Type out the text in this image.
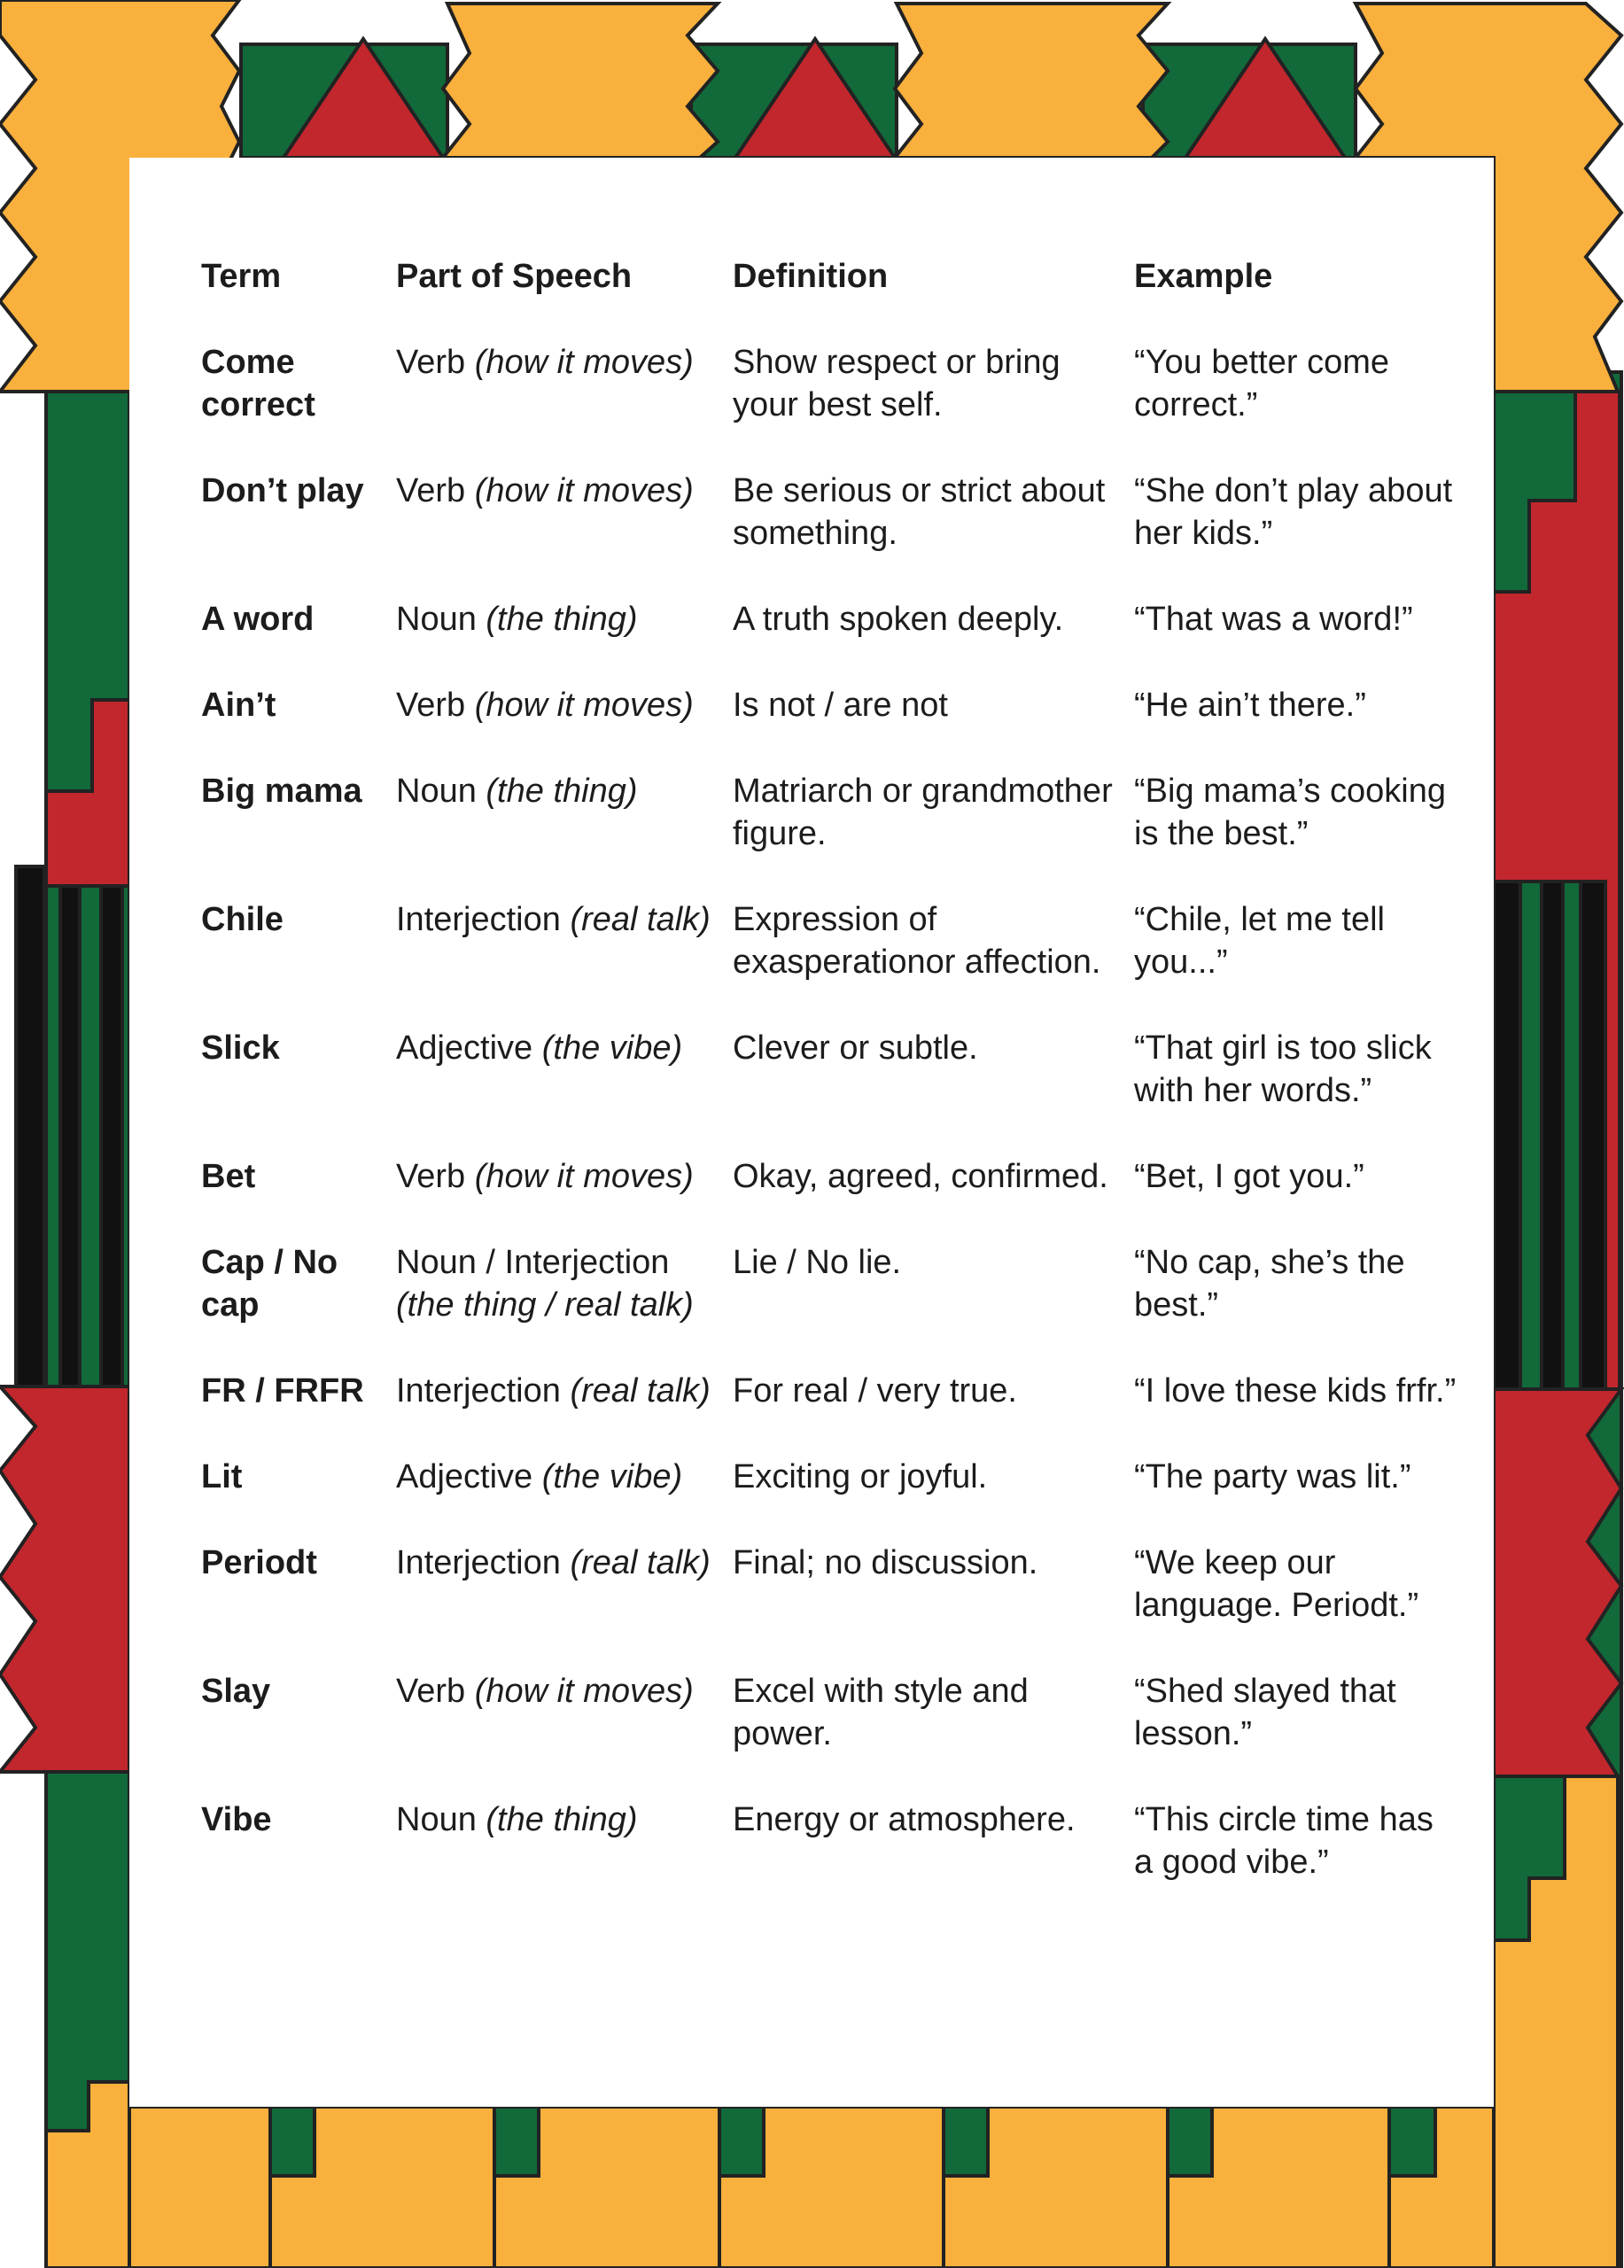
Term	Part of Speech	Definition	Example
Come correct	Verb (how it moves)	Show respect or bring your best self.	“You better come correct.”
Don’t play	Verb (how it moves)	Be serious or strict about something.	“She don’t play about her kids.”
A word	Noun (the thing)	A truth spoken deeply.	“That was a word!”
Ain’t	Verb (how it moves)	Is not / are not	“He ain’t there.”
Big mama	Noun (the thing)	Matriarch or grandmother figure.	“Big mama’s cooking is the best.”
Chile	Interjection (real talk)	Expression of exasperationor affection.	“Chile, let me tell you...”
Slick	Adjective (the vibe)	Clever or subtle.	“That girl is too slick with her words.”
Bet	Verb (how it moves)	Okay, agreed, confirmed.	“Bet, I got you.”
Cap / No cap	Noun / Interjection (the thing / real talk)	Lie / No lie.	“No cap, she’s the best.”
FR / FRFR	Interjection (real talk)	For real / very true.	“I love these kids frfr.”
Lit	Adjective (the vibe)	Exciting or joyful.	“The party was lit.”
Periodt	Interjection (real talk)	Final; no discussion.	“We keep our language. Periodt.”
Slay	Verb (how it moves)	Excel with style and power.	“Shed slayed that lesson.”
Vibe	Noun (the thing)	Energy or atmosphere.	“This circle time has a good vibe.”
